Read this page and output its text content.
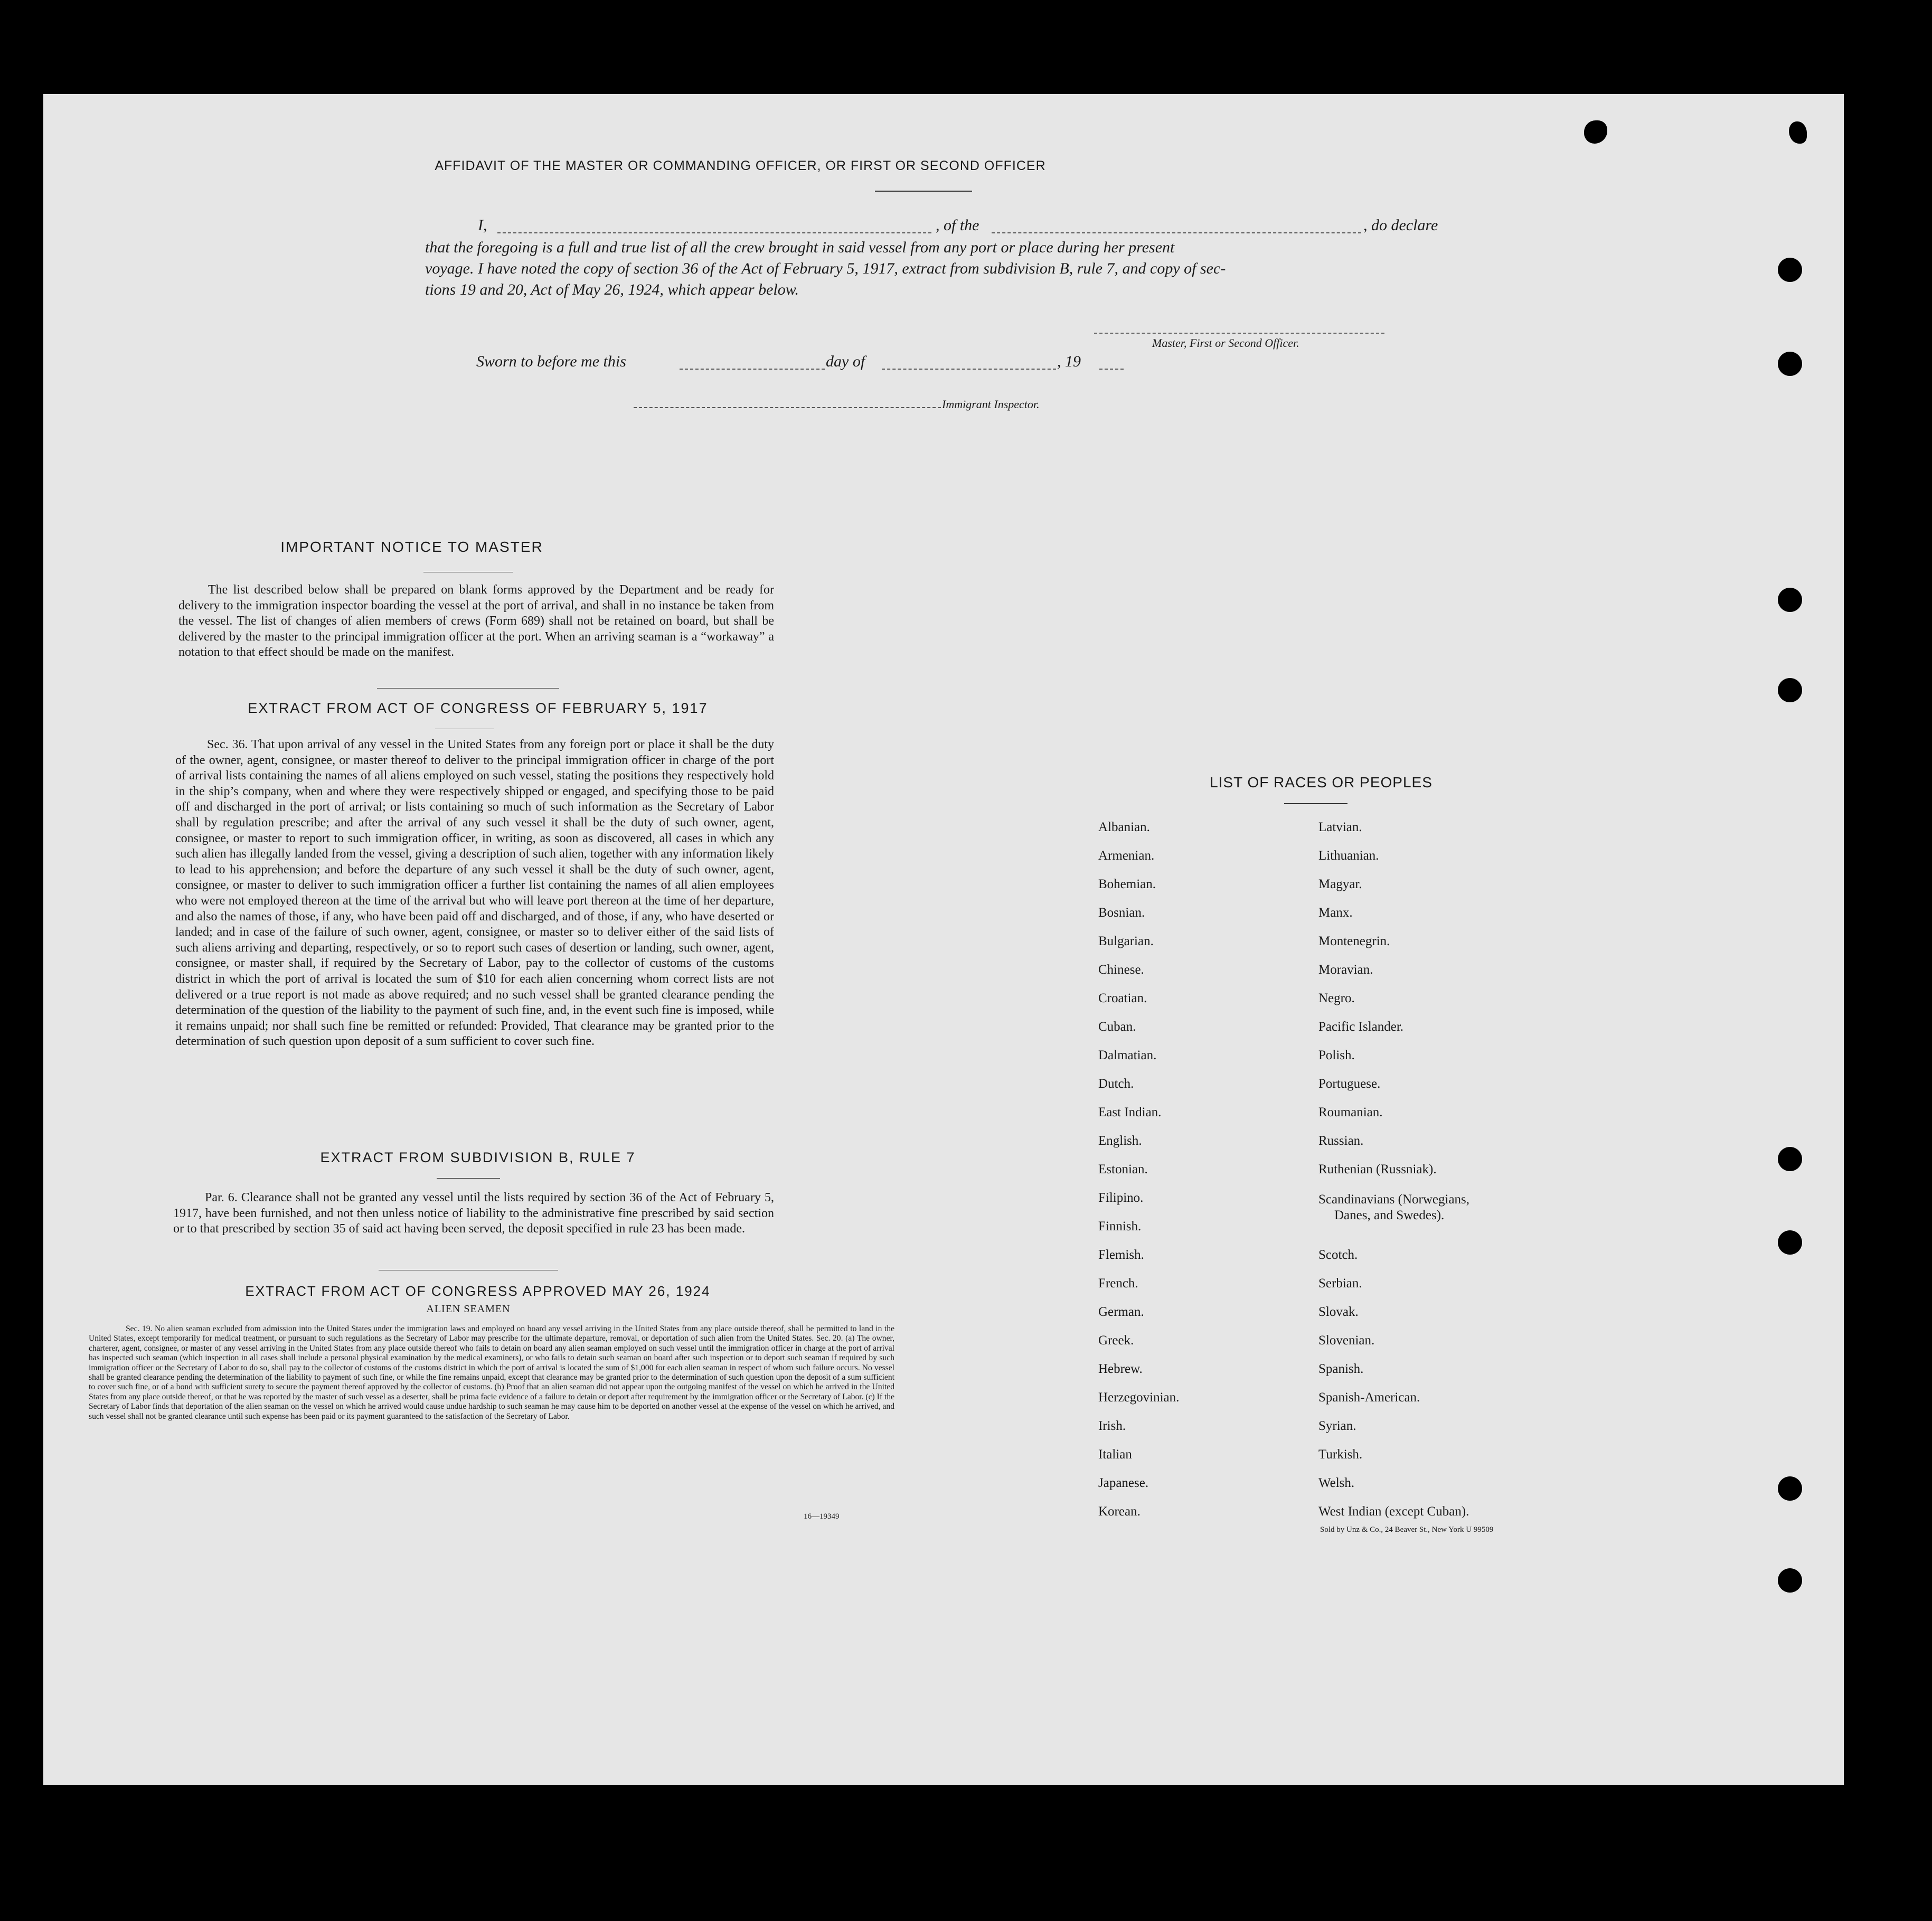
AFFIDAVIT OF THE MASTER OR COMMANDING OFFICER, OR FIRST OR SECOND OFFICER
I,	, of the	, do declare
that the foregoing is a full and true list of all the crew brought in said vessel from any port or place during her present
voyage. I have noted the copy of section 36 of the Act of February 5, 1917, extract from subdivision B, rule 7, and copy of sec-
tions 19 and 20, Act of May 26, 1924, which appear below.
Master, First or Second Officer.
Sworn to before me this	day of	, 19
Immigrant Inspector.
IMPORTANT NOTICE TO MASTER
The list described below shall be prepared on blank forms approved by the Department and be ready for delivery to the immigration inspector boarding the vessel at the port of arrival, and shall in no instance be taken from the vessel. The list of changes of alien members of crews (Form 689) shall not be retained on board, but shall be delivered by the master to the principal immigration officer at the port. When an arriving seaman is a “workaway” a notation to that effect should be made on the manifest.
EXTRACT FROM ACT OF CONGRESS OF FEBRUARY 5, 1917
Sec. 36. That upon arrival of any vessel in the United States from any foreign port or place it shall be the duty of the owner, agent, consignee, or master thereof to deliver to the principal immigration officer in charge of the port of arrival lists containing the names of all aliens employed on such vessel, stating the positions they respectively hold in the ship’s company, when and where they were respectively shipped or engaged, and specifying those to be paid off and discharged in the port of arrival; or lists containing so much of such information as the Secretary of Labor shall by regulation prescribe; and after the arrival of any such vessel it shall be the duty of such owner, agent, consignee, or master to report to such immigration officer, in writing, as soon as discovered, all cases in which any such alien has illegally landed from the vessel, giving a description of such alien, together with any information likely to lead to his apprehension; and before the departure of any such vessel it shall be the duty of such owner, agent, consignee, or master to deliver to such immigration officer a further list containing the names of all alien employees who were not employed thereon at the time of the arrival but who will leave port thereon at the time of her departure, and also the names of those, if any, who have been paid off and discharged, and of those, if any, who have deserted or landed; and in case of the failure of such owner, agent, consignee, or master so to deliver either of the said lists of such aliens arriving and departing, respectively, or so to report such cases of desertion or landing, such owner, agent, consignee, or master shall, if required by the Secretary of Labor, pay to the collector of customs of the customs district in which the port of arrival is located the sum of $10 for each alien concerning whom correct lists are not delivered or a true report is not made as above required; and no such vessel shall be granted clearance pending the determination of the question of the liability to the payment of such fine, and, in the event such fine is imposed, while it remains unpaid; nor shall such fine be remitted or refunded: Provided, That clearance may be granted prior to the determination of such question upon deposit of a sum sufficient to cover such fine.
EXTRACT FROM SUBDIVISION B, RULE 7
Par. 6. Clearance shall not be granted any vessel until the lists required by section 36 of the Act of February 5, 1917, have been furnished, and not then unless notice of liability to the administrative fine prescribed by said section or to that prescribed by section 35 of said act having been served, the deposit specified in rule 23 has been made.
EXTRACT FROM ACT OF CONGRESS APPROVED MAY 26, 1924
ALIEN SEAMEN
Sec. 19. No alien seaman excluded from admission into the United States under the immigration laws and employed on board any vessel arriving in the United States from any place outside thereof, shall be permitted to land in the United States, except temporarily for medical treatment, or pursuant to such regulations as the Secretary of Labor may prescribe for the ultimate departure, removal, or deportation of such alien from the United States. Sec. 20. (a) The owner, charterer, agent, consignee, or master of any vessel arriving in the United States from any place outside thereof who fails to detain on board any alien seaman employed on such vessel until the immigration officer in charge at the port of arrival has inspected such seaman (which inspection in all cases shall include a personal physical examination by the medical examiners), or who fails to detain such seaman on board after such inspection or to deport such seaman if required by such immigration officer or the Secretary of Labor to do so, shall pay to the collector of customs of the customs district in which the port of arrival is located the sum of $1,000 for each alien seaman in respect of whom such failure occurs. No vessel shall be granted clearance pending the determination of the liability to payment of such fine, or while the fine remains unpaid, except that clearance may be granted prior to the determination of such question upon the deposit of a sum sufficient to cover such fine, or of a bond with sufficient surety to secure the payment thereof approved by the collector of customs. (b) Proof that an alien seaman did not appear upon the outgoing manifest of the vessel on which he arrived in the United States from any place outside thereof, or that he was reported by the master of such vessel as a deserter, shall be prima facie evidence of a failure to detain or deport after requirement by the immigration officer or the Secretary of Labor. (c) If the Secretary of Labor finds that deportation of the alien seaman on the vessel on which he arrived would cause undue hardship to such seaman he may cause him to be deported on another vessel at the expense of the vessel on which he arrived, and such vessel shall not be granted clearance until such expense has been paid or its payment guaranteed to the satisfaction of the Secretary of Labor.
16—19349
LIST OF RACES OR PEOPLES
Albanian.
Armenian.
Bohemian.
Bosnian.
Bulgarian.
Chinese.
Croatian.
Cuban.
Dalmatian.
Dutch.
East Indian.
English.
Estonian.
Filipino.
Finnish.
Flemish.
French.
German.
Greek.
Hebrew.
Herzegovinian.
Irish.
Italian
Japanese.
Korean.
Latvian.
Lithuanian.
Magyar.
Manx.
Montenegrin.
Moravian.
Negro.
Pacific Islander.
Polish.
Portuguese.
Roumanian.
Russian.
Ruthenian (Russniak).
Scandinavians (Norwegians,
Danes, and Swedes).
Scotch.
Serbian.
Slovak.
Slovenian.
Spanish.
Spanish-American.
Syrian.
Turkish.
Welsh.
West Indian (except Cuban).
Sold by Unz & Co., 24 Beaver St., New York U 99509
